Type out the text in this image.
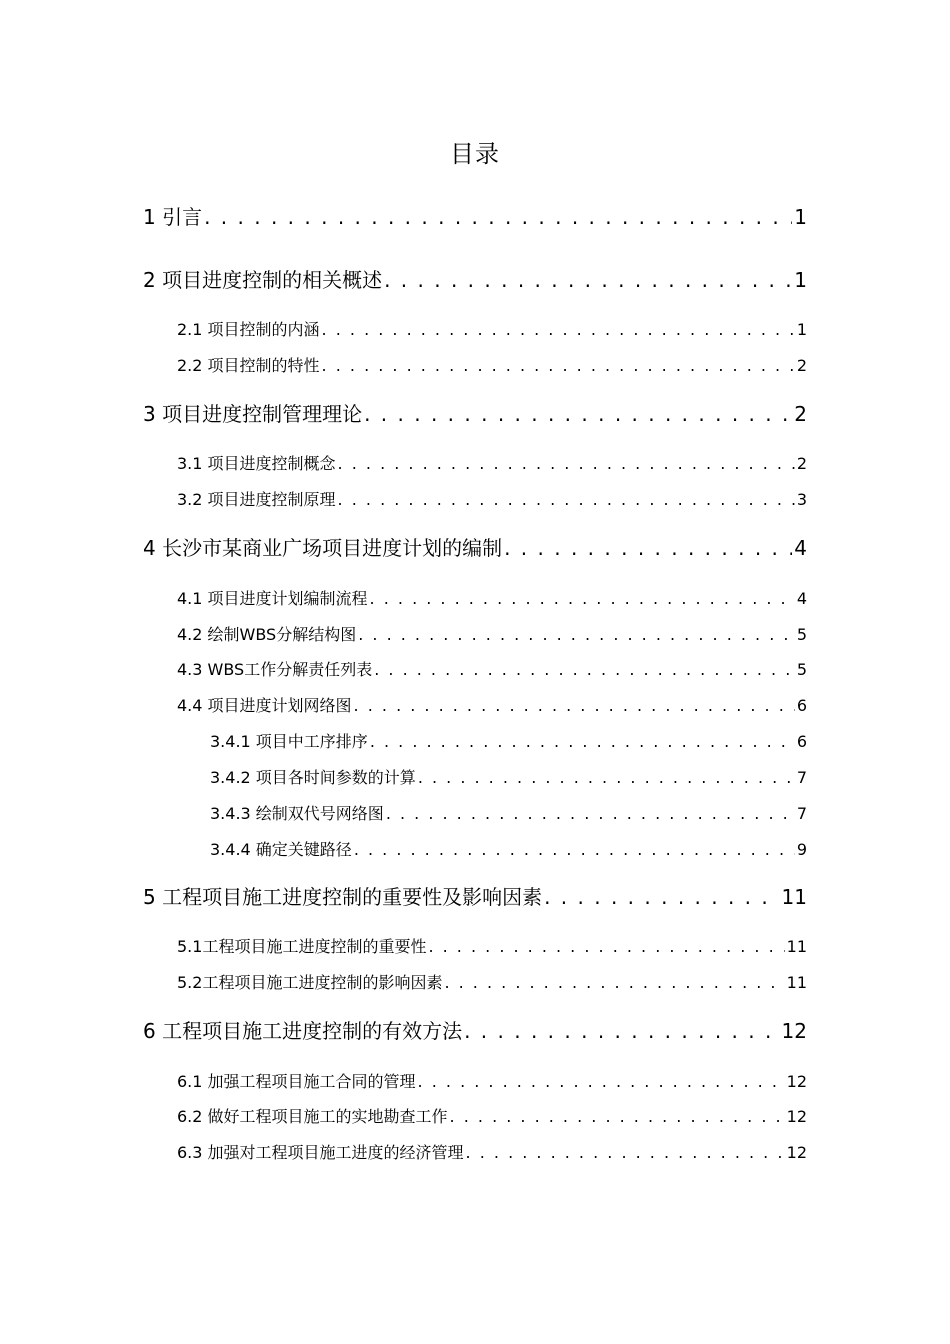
目录
1 引言 . . .	1
2 项目进度控制的相关概述 . . .	1
2.1 项目控制的内涵 . . .	1
2.2 项目控制的特性 . . .	2
3 项目进度控制管理理论 . . .	2
3.1 项目进度控制概念 . . .	2
3.2 项目进度控制原理 . . .	3
4 长沙市某商业广场项目进度计划的编制 . . .	4
4.1 项目进度计划编制流程 . . .	4
4.2 绘制WBS分解结构图 . . .	5
4.3 WBS工作分解责任列表 . . .	5
4.4 项目进度计划网络图 . . .	6
3.4.1 项目中工序排序 . . .	6
3.4.2 项目各时间参数的计算 . . .	7
3.4.3 绘制双代号网络图 . . .	7
3.4.4 确定关键路径 . . .	9
5 工程项目施工进度控制的重要性及影响因素 . . .	11
5.1工程项目施工进度控制的重要性 . . .	11
5.2工程项目施工进度控制的影响因素 . . .	11
6 工程项目施工进度控制的有效方法 . . .	12
6.1 加强工程项目施工合同的管理 . . .	12
6.2 做好工程项目施工的实地勘查工作 . . .	12
6.3 加强对工程项目施工进度的经济管理 . . .	12
